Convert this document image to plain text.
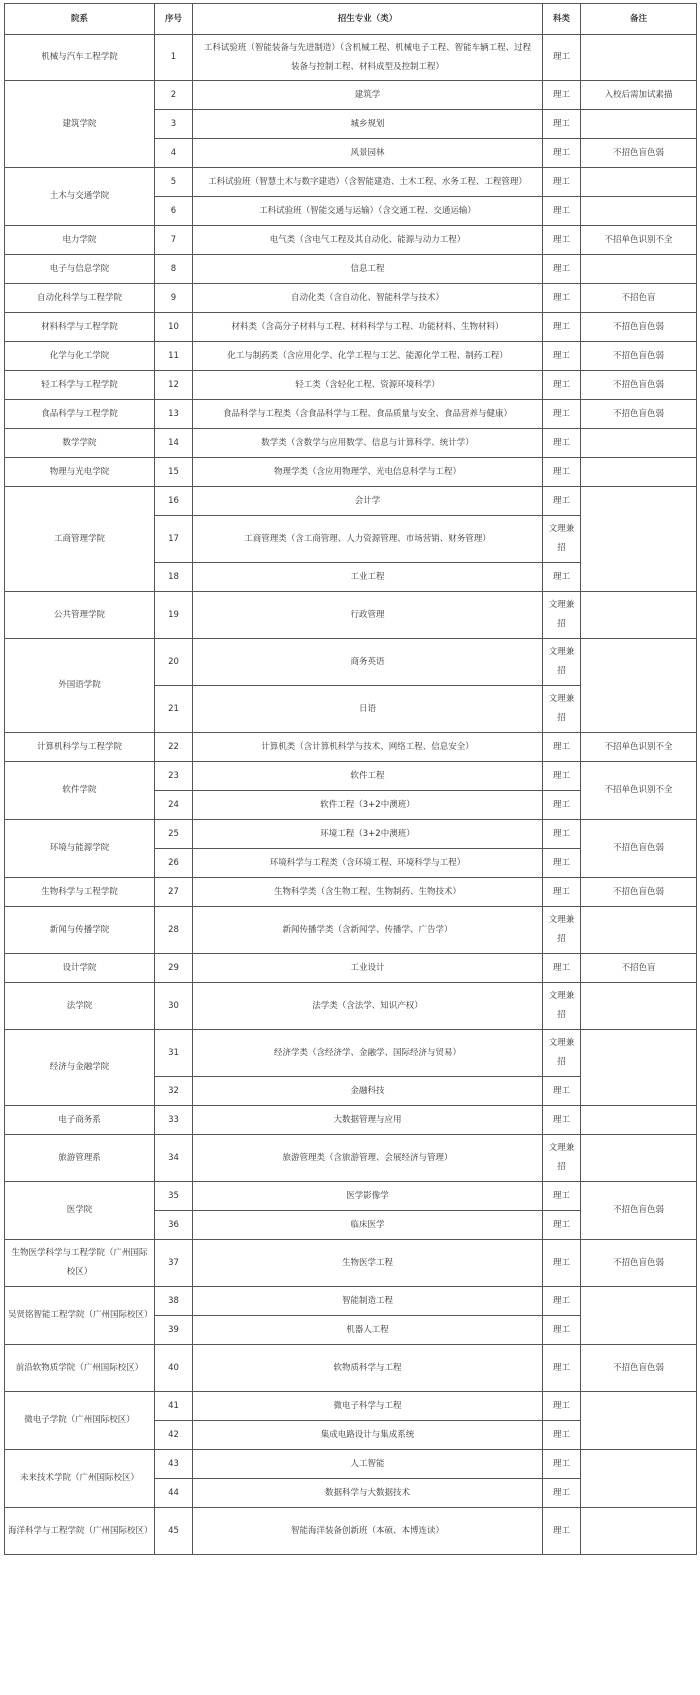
院系	序号	招生专业（类）	科类	备注
机械与汽车工程学院	1	工科试验班（智能装备与先进制造）（含机械工程、机械电子工程、智能车辆工程、过程装备与控制工程、材料成型及控制工程）	理工	
建筑学院	2	建筑学	理工	入校后需加试素描
	3	城乡规划	理工	
	4	风景园林	理工	不招色盲色弱
土木与交通学院	5	工科试验班（智慧土木与数字建造）（含智能建造、土木工程、水务工程、工程管理）	理工	
	6	工科试验班（智能交通与运输）（含交通工程、交通运输）	理工	
电力学院	7	电气类（含电气工程及其自动化、能源与动力工程）	理工	不招单色识别不全
电子与信息学院	8	信息工程	理工	
自动化科学与工程学院	9	自动化类（含自动化、智能科学与技术）	理工	不招色盲
材料科学与工程学院	10	材料类（含高分子材料与工程、材料科学与工程、功能材料、生物材料）	理工	不招色盲色弱
化学与化工学院	11	化工与制药类（含应用化学、化学工程与工艺、能源化学工程、制药工程）	理工	不招色盲色弱
轻工科学与工程学院	12	轻工类（含轻化工程、资源环境科学）	理工	不招色盲色弱
食品科学与工程学院	13	食品科学与工程类（含食品科学与工程、食品质量与安全、食品营养与健康）	理工	不招色盲色弱
数学学院	14	数学类（含数学与应用数学、信息与计算科学、统计学）	理工	
物理与光电学院	15	物理学类（含应用物理学、光电信息科学与工程）	理工	
工商管理学院	16	会计学	理工	
	17	工商管理类（含工商管理、人力资源管理、市场营销、财务管理）	文理兼招	
	18	工业工程	理工	
公共管理学院	19	行政管理	文理兼招	
外国语学院	20	商务英语	文理兼招	
	21	日语	文理兼招	
计算机科学与工程学院	22	计算机类（含计算机科学与技术、网络工程、信息安全）	理工	不招单色识别不全
软件学院	23	软件工程	理工	不招单色识别不全
	24	软件工程（3+2中澳班）	理工	
环境与能源学院	25	环境工程（3+2中澳班）	理工	不招色盲色弱
	26	环境科学与工程类（含环境工程、环境科学与工程）	理工	
生物科学与工程学院	27	生物科学类（含生物工程、生物制药、生物技术）	理工	不招色盲色弱
新闻与传播学院	28	新闻传播学类（含新闻学、传播学、广告学）	文理兼招	
设计学院	29	工业设计	理工	不招色盲
法学院	30	法学类（含法学、知识产权）	文理兼招	
经济与金融学院	31	经济学类（含经济学、金融学、国际经济与贸易）	文理兼招	
	32	金融科技	理工	
电子商务系	33	大数据管理与应用	理工	
旅游管理系	34	旅游管理类（含旅游管理、会展经济与管理）	文理兼招	
医学院	35	医学影像学	理工	不招色盲色弱
	36	临床医学	理工	
生物医学科学与工程学院（广州国际校区）	37	生物医学工程	理工	不招色盲色弱
吴贤铭智能工程学院（广州国际校区）	38	智能制造工程	理工	
	39	机器人工程	理工	
前沿软物质学院（广州国际校区）	40	软物质科学与工程	理工	不招色盲色弱
微电子学院（广州国际校区）	41	微电子科学与工程	理工	
	42	集成电路设计与集成系统	理工	
未来技术学院（广州国际校区）	43	人工智能	理工	
	44	数据科学与大数据技术	理工	
海洋科学与工程学院（广州国际校区）	45	智能海洋装备创新班（本硕、本博连读）	理工	
